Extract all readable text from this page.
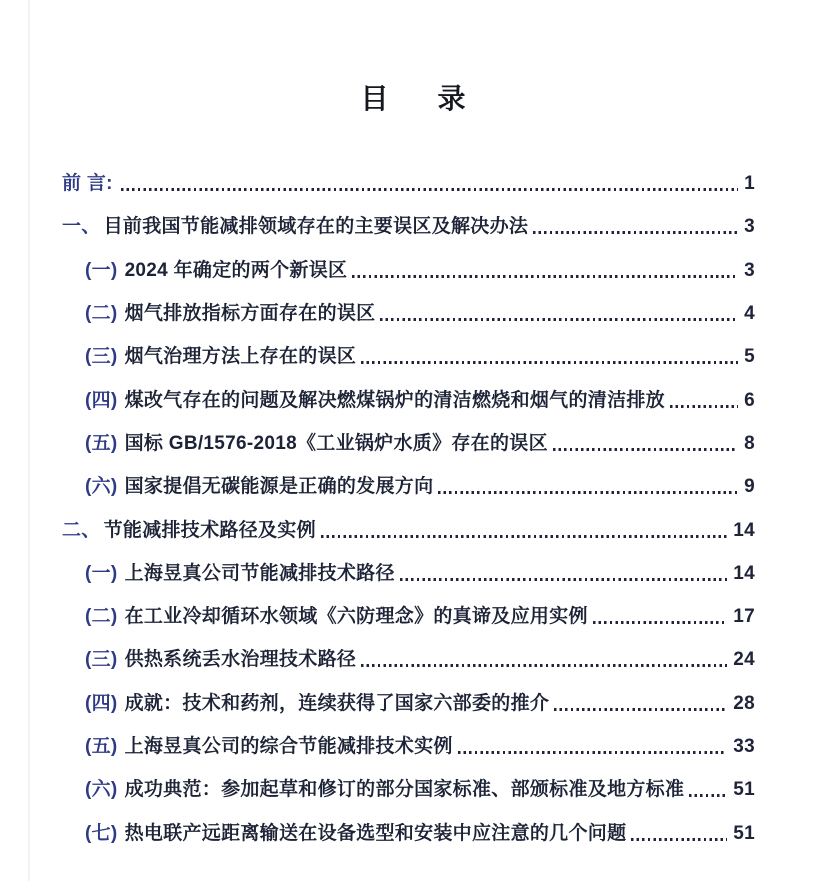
目    录
前 言:	1
一、 目前我国节能减排领域存在的主要误区及解决办法	3
(一) 2024 年确定的两个新误区	3
(二) 烟气排放指标方面存在的误区	4
(三) 烟气治理方法上存在的误区	5
(四) 煤改气存在的问题及解决燃煤锅炉的清洁燃烧和烟气的清洁排放	6
(五) 国标 GB/1576-2018《工业锅炉水质》存在的误区	8
(六) 国家提倡无碳能源是正确的发展方向	9
二、 节能减排技术路径及实例	14
(一) 上海昱真公司节能减排技术路径	14
(二) 在工业冷却循环水领域《六防理念》的真谛及应用实例	17
(三) 供热系统丢水治理技术路径	24
(四) 成就：技术和药剂，连续获得了国家六部委的推介	28
(五) 上海昱真公司的综合节能减排技术实例	33
(六) 成功典范：参加起草和修订的部分国家标准、部颁标准及地方标准	51
(七) 热电联产远距离输送在设备选型和安装中应注意的几个问题	51
